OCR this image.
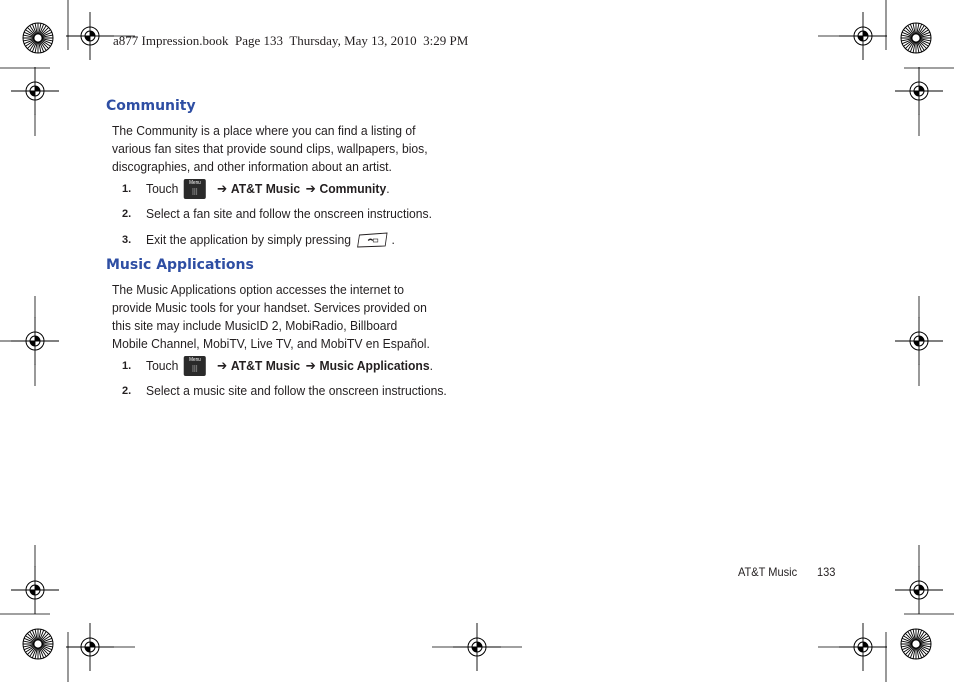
a877 Impression.book  Page 133  Thursday, May 13, 2010  3:29 PM
Community
The Community is a place where you can find a listing of various fan sites that provide sound clips, wallpapers, bios, discographies, and other information about an artist.
1.	Touch	Menu	➔ AT&T Music ➔ Community .
2.	Select a fan site and follow the onscreen instructions.
3.	Exit the application by simply pressing	.
Music Applications
The Music Applications option accesses the internet to provide Music tools for your handset. Services provided on this site may include MusicID 2, MobiRadio, Billboard Mobile Channel, MobiTV, Live TV, and MobiTV en Español.
1.	Touch	Menu	➔ AT&T Music ➔ Music Applications .
2.	Select a music site and follow the onscreen instructions.
AT&T Music 133
